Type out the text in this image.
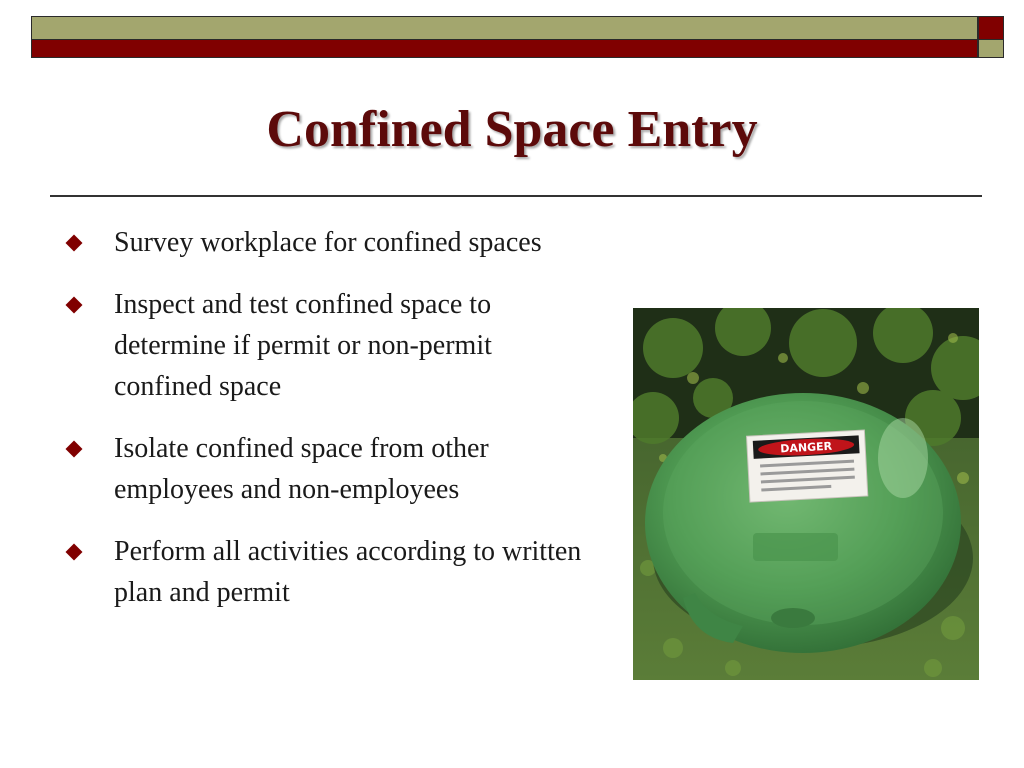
Confined Space Entry
Survey workplace for confined spaces
Inspect and test confined space to determine if permit or non-permit confined space
Isolate confined space from other employees and non-employees
Perform all activities according to written plan and permit
DANGER
